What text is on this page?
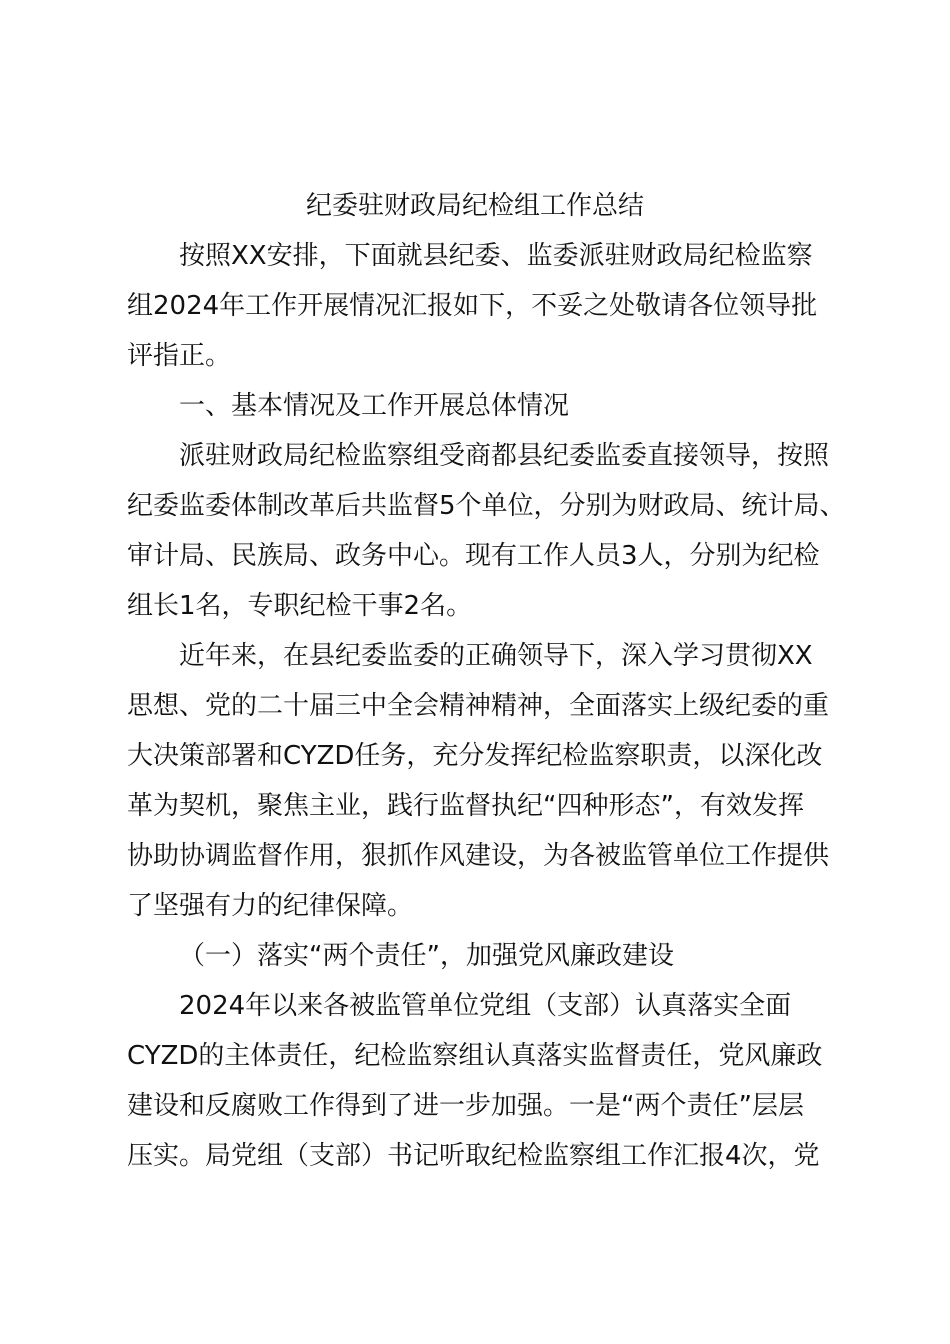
纪委驻财政局纪检组工作总结

按照XX安排，下面就县纪委、监委派驻财政局纪检监察

组2024年工作开展情况汇报如下，不妥之处敬请各位领导批

评指正。

一、基本情况及工作开展总体情况

派驻财政局纪检监察组受商都县纪委监委直接领导，按照

纪委监委体制改革后共监督5个单位，分别为财政局、统计局、

审计局、民族局、政务中心。现有工作人员3人，分别为纪检

组长1名，专职纪检干事2名。

近年来，在县纪委监委的正确领导下，深入学习贯彻XX

思想、党的二十届三中全会精神精神，全面落实上级纪委的重

大决策部署和CYZD任务，充分发挥纪检监察职责，以深化改

革为契机，聚焦主业，践行监督执纪“四种形态”，有效发挥

协助协调监督作用，狠抓作风建设，为各被监管单位工作提供

了坚强有力的纪律保障。

（一）落实“两个责任”，加强党风廉政建设

2024年以来各被监管单位党组（支部）认真落实全面

CYZD的主体责任，纪检监察组认真落实监督责任，党风廉政

建设和反腐败工作得到了进一步加强。一是“两个责任”层层

压实。局党组（支部）书记听取纪检监察组工作汇报4次，党
